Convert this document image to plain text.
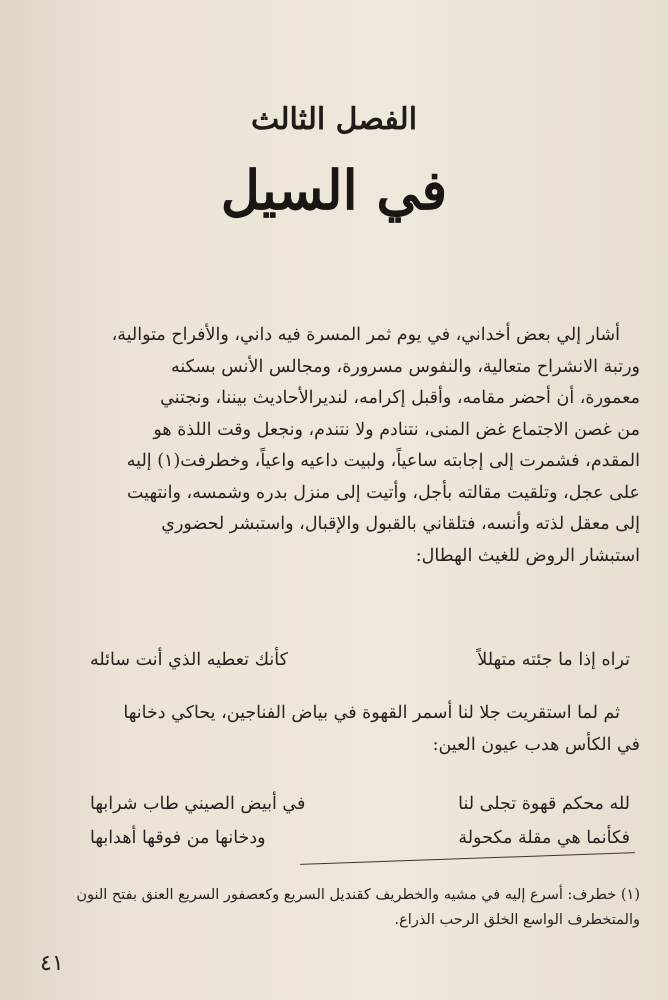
الفصل الثالث
في السيل

أشار إلي بعض أخداني، في يوم ثمر المسرة فيه داني، والأفراح متوالية،

ورتبة الانشراح متعالية، والنفوس مسرورة، ومجالس الأنس بسكنه

معمورة، أن أحضر مقامه، وأقبل إكرامه، لنديرالأحاديث بيننا، ونجتني

من غصن الاجتماع غض المنى، نتنادم ولا نتندم، ونجعل وقت اللذة هو

المقدم، فشمرت إلى إجابته ساعياً، ولبيت داعيه واعياً، وخطرفت(١) إليه

على عجل، وتلقيت مقالته بأجل، وأتيت إلى منزل بدره وشمسه، وانتهيت

إلى معقل لذته وأنسه، فتلقاني بالقبول والإقبال، واستبشر لحضوري

استبشار الروض للغيث الهطال:

تراه إذا ما جئته متهللاً
كأنك تعطيه الذي أنت سائله

ثم لما استقريت جلا لنا أسمر القهوة في بياض الفناجين، يحاكي دخانها

في الكأس هدب عيون العين:

لله محكم قهوة تجلى لنا
في أبيض الصيني طاب شرابها
فكأنما هي مقلة مكحولة
ودخانها من فوقها أهدابها

(١) خطرف: أسرع إليه في مشيه والخطريف كقنديل السريع وكعصفور السريع العنق بفتح النون

والمتخطرف الواسع الخلق الرحب الذراع.

٤١
